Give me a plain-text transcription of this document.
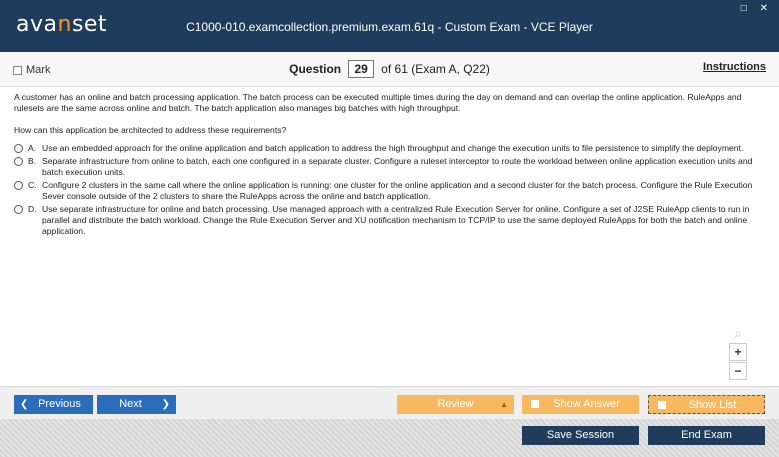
avanset	C1000-010.examcollection.premium.exam.61q - Custom Exam - VCE Player
□ ✕
Mark	Question 29 of 61 (Exam A, Q22)	Instructions
A customer has an online and batch processing application. The batch process can be executed multiple times during the day on demand and can overlap the online application. RuleApps and rulesets are the same across online and batch. The batch application also manages big batches with high throughput.
How can this application be architected to address these requirements?
A. Use an embedded approach for the online application and batch application to address the high throughput and change the execution units to file persistence to simplify the deployment.
B. Separate infrastructure from online to batch, each one configured in a separate cluster. Configure a ruleset interceptor to route the workload between online application execution units and batch execution units.
C. Configure 2 clusters in the same call where the online application is running: one cluster for the online application and a second cluster for the batch process. Configure the Rule Execution Sever console outside of the 2 clusters to share the RuleApps across the online and batch application.
D. Use separate infrastructure for online and batch processing. Use managed approach with a centralized Rule Execution Server for online. Configure a set of J2SE RuleApp clients to run in parallel and distribute the batch workload. Change the Rule Execution Server and XU notification mechanism to TCP/IP to use the same deployed RuleApps for both the batch and online application.
⌕
+
−
❮ Previous	Next ❯	Review	▲	Show Answer	Show List
Save Session	End Exam
